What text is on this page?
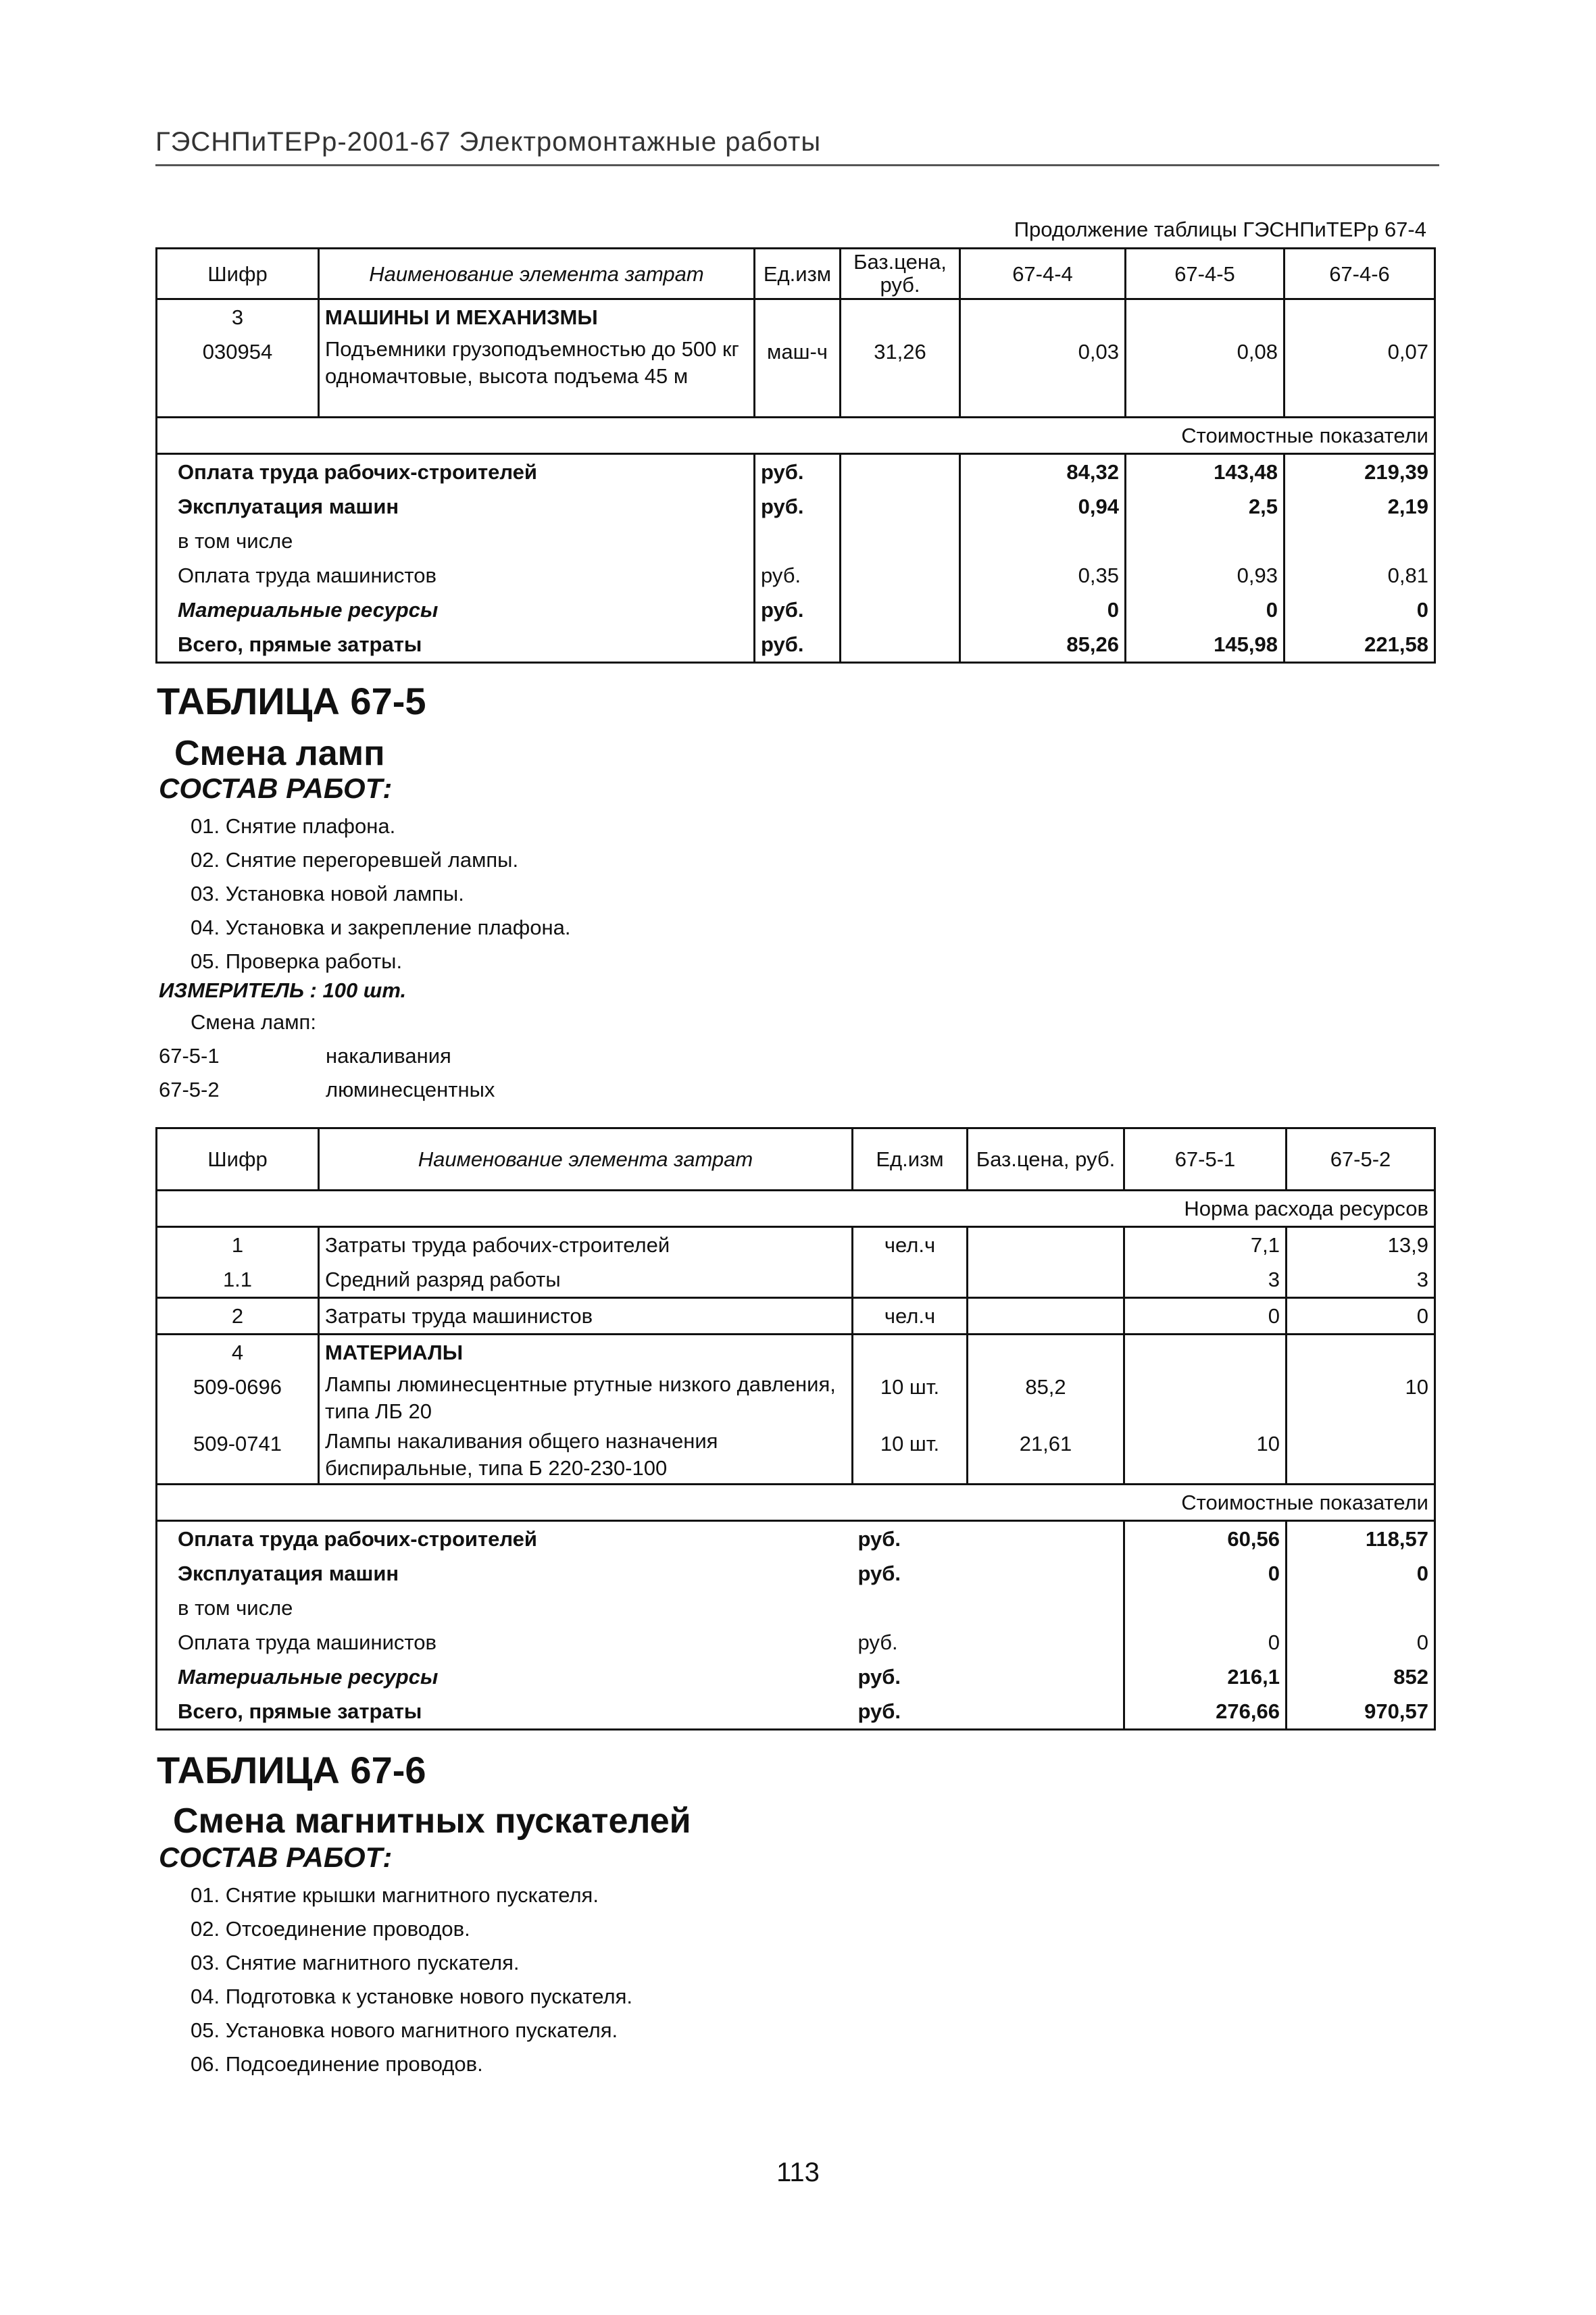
ГЭСНПиТЕРр-2001-67 Электромонтажные работы
Продолжение таблицы ГЭСНПиТЕРр 67-4
Шифр	Наименование элемента затрат	Ед.изм	Баз.цена, руб.	67-4-4	67-4-5	67-4-6
3	МАШИНЫ И МЕХАНИЗМЫ					
030954	Подъемники грузоподъемностью до 500 кг одномачтовые, высота подъема 45 м	маш-ч	31,26	0,03	0,08	0,07
Стоимостные показатели						
Оплата труда рабочих-строителей		руб.		84,32	143,48	219,39
Эксплуатация машин		руб.		0,94	2,5	2,19
в том числе						
Оплата труда машинистов		руб.		0,35	0,93	0,81
Материальные ресурсы		руб.		0	0	0
Всего, прямые затраты		руб.		85,26	145,98	221,58
ТАБЛИЦА 67-5
Смена ламп
СОСТАВ РАБОТ:
01. Снятие плафона.
02. Снятие перегоревшей лампы.
03. Установка новой лампы.
04. Установка и закрепление плафона.
05. Проверка работы.
ИЗМЕРИТЕЛЬ : 100 шт.
Смена ламп:
67-5-1	накаливания
67-5-2	люминесцентных
Шифр	Наименование элемента затрат	Ед.изм	Баз.цена, руб.	67-5-1	67-5-2
Норма расхода ресурсов					
1	Затраты труда рабочих-строителей	чел.ч		7,1	13,9
1.1	Средний разряд работы			3	3
2	Затраты труда машинистов	чел.ч		0	0
4	МАТЕРИАЛЫ				
509-0696	Лампы люминесцентные ртутные низкого давления, типа ЛБ 20	10 шт.	85,2		10
509-0741	Лампы накаливания общего назначения биспиральные, типа Б 220-230-100	10 шт.	21,61	10	
Стоимостные показатели					
Оплата труда рабочих-строителей		руб.		60,56	118,57
Эксплуатация машин		руб.		0	0
в том числе					
Оплата труда машинистов		руб.		0	0
Материальные ресурсы		руб.		216,1	852
Всего, прямые затраты		руб.		276,66	970,57
ТАБЛИЦА 67-6
Смена магнитных пускателей
СОСТАВ РАБОТ:
01. Снятие крышки магнитного пускателя.
02. Отсоединение проводов.
03. Снятие магнитного пускателя.
04. Подготовка к установке нового пускателя.
05. Установка нового магнитного пускателя.
06. Подсоединение проводов.
113
